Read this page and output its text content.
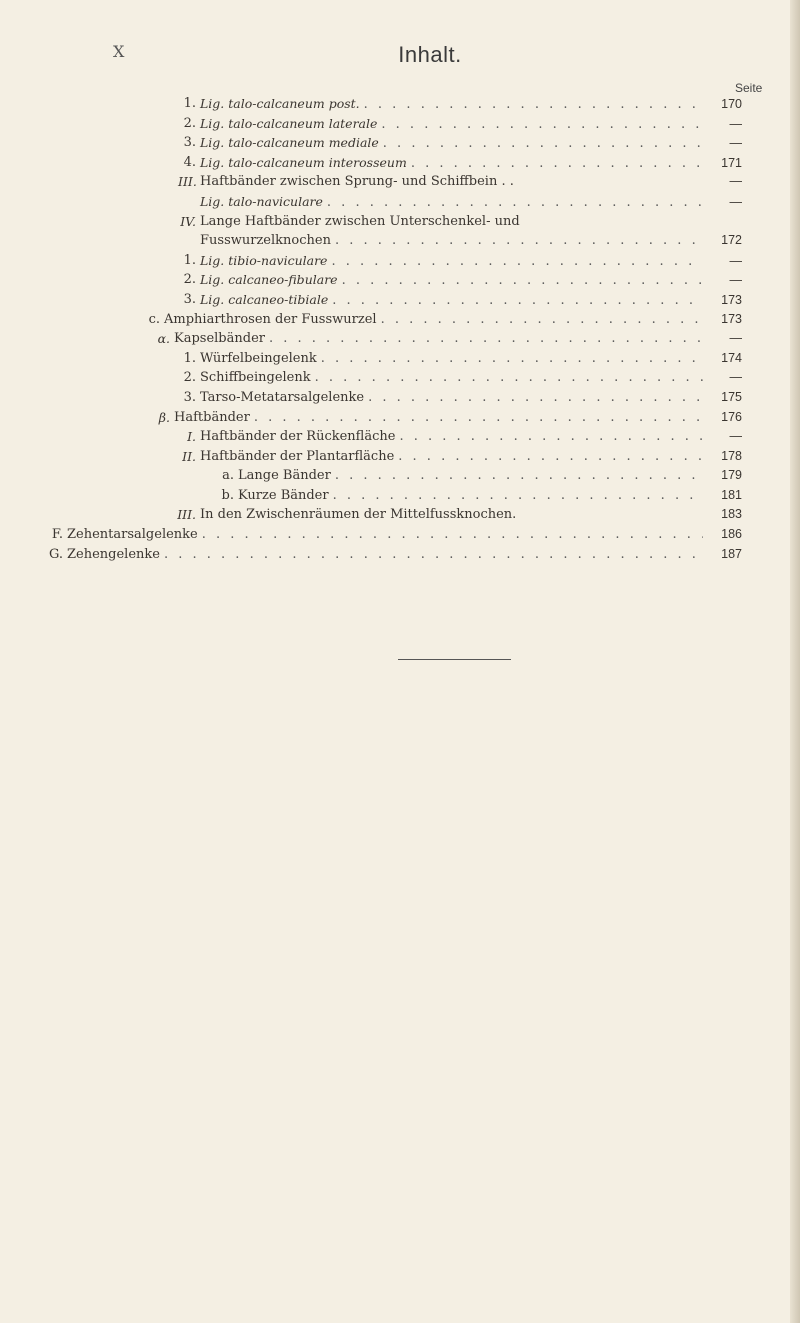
X	Inhalt.
Seite
1. Lig. talo-calcaneum post. . . .	170
2. Lig. talo-calcaneum laterale . . .	—
3. Lig. talo-calcaneum mediale . . .	—
4. Lig. talo-calcaneum interosseum . . .	171
III. Haftbänder zwischen Sprung- und Schiffbein . .	—
Lig. talo-naviculare . . .	—
IV. Lange Haftbänder zwischen Unterschenkel- und
Fusswurzelknochen . . .	172
1. Lig. tibio-naviculare . . .	—
2. Lig. calcaneo-fibulare . . .	—
3. Lig. calcaneo-tibiale . . .	173
c. Amphiarthrosen der Fusswurzel . . .	173
α. Kapselbänder . . .	—
1. Würfelbeingelenk . . .	174
2. Schiffbeingelenk . . .	—
3. Tarso-Metatarsalgelenke . . .	175
β. Haftbänder . . .	176
I. Haftbänder der Rückenfläche . . .	—
II. Haftbänder der Plantarfläche . . .	178
a. Lange Bänder . . .	179
b. Kurze Bänder . . .	181
III. In den Zwischenräumen der Mittelfussknochen.	183
F. Zehentarsalgelenke . . .	186
G. Zehengelenke . . .	187
